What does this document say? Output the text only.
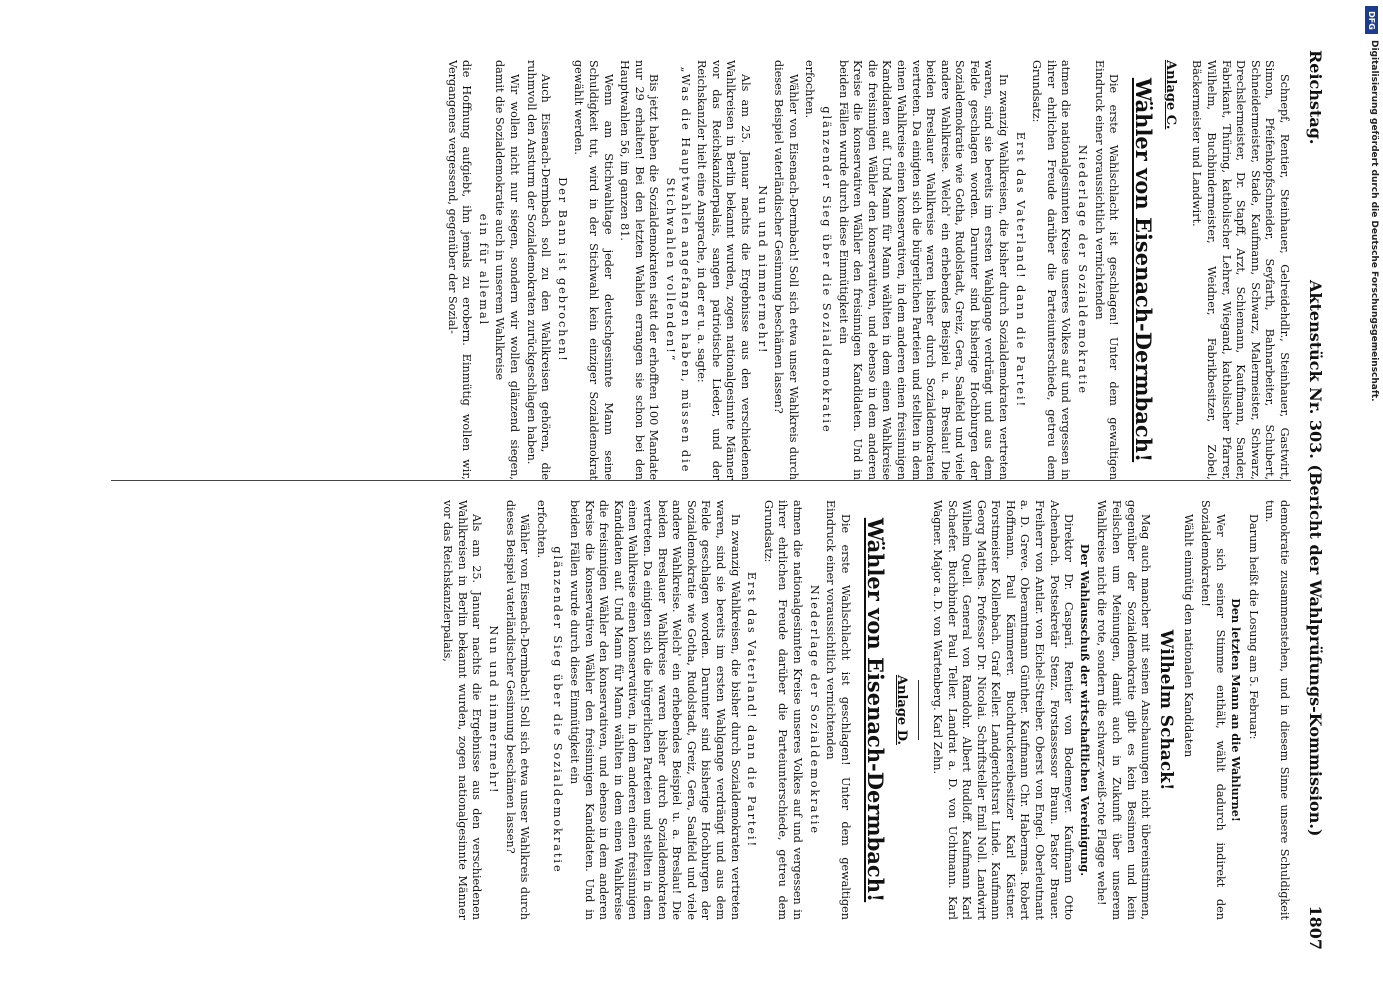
Reichstag.
Aktenstück Nr. 303. (Bericht der Wahlprüfungs-Kommission.)
1807

Schnepf, Rentier, Steinhauer, Gelreidehdlr., Steinhauer, Gastwirt, Simon, Pfeifenkopfschneider, Seyfarth, Bahnarbeiter, Schubert, Schneidermeister, Stade, Kaufmann, Schwarz, Malermeister, Schwarz, Drechslermeister, Dr. Stapff, Arzt, Schiemann, Kaufmann, Sander, Fabrikant, Thüring, katholischer Lehrer, Wiegand, katholischer Pfarrer, Wilhelm, Buchbindermeister, Weidner, Fabrikbesitzer, Zobel, Bäckermeister und Landwirt.

Anlage C.

Wähler von Eisenach-Dermbach!

Die erste Wahlschlacht ist geschlagen! Unter dem gewaltigen Eindruck einer voraussichtlich vernichtenden

Niederlage der Sozialdemokratie

atmen die nationalgesinnten Kreise unseres Volkes auf und vergessen in ihrer ehrlichen Freude darüber die Parteiunterschiede, getreu dem Grundsatz:

Erst das Vaterland! dann die Partei!

In zwanzig Wahlkreisen, die bisher durch Sozialdemokraten vertreten waren, sind sie bereits im ersten Wahlgange verdrängt und aus dem Felde geschlagen worden. Darunter sind bisherige Hochburgen der Sozialdemokratie wie Gotha, Rudolstadt, Greiz, Gera, Saalfeld und viele andere Wahlkreise. Welch' ein erhebendes Beispiel u. a. Breslau! Die beiden Breslauer Wahlkreise waren bisher durch Sozialdemokraten vertreten. Da einigten sich die bürgerlichen Parteien und stellten in dem einen Wahlkreise einen konservativen, in dem anderen einen freisinnigen Kandidaten auf. Und Mann für Mann wählten in dem einen Wahlkreise die freisinnigen Wähler den konservativen, und ebenso in dem anderen Kreise die konservativen Wähler den freisinnigen Kandidaten. Und in beiden Fällen wurde durch diese Einmütigkeit ein

glänzender Sieg über die Sozialdemokratie

erfochten.

Wähler von Eisenach-Dermbach! Soll sich etwa unser Wahlkreis durch dieses Beispiel vaterländischer Gesinnung beschämen lassen?

Nun und nimmermehr!

Als am 25. Januar nachts die Ergebnisse aus den verschiedenen Wahlkreisen in Berlin bekannt wurden, zogen nationalgesinnte Männer vor das Reichskanzlerpalais, sangen patriotische Lieder, und der Reichskanzler hielt eine Ansprache, in der er u. a. sagte:

„Was die Hauptwahlen angefangen haben, müssen die Stichwahlen vollenden!“

Bis jetzt haben die Sozialdemokraten statt der erhofften 100 Mandate nur 29 erhalten! Bei den letzten Wahlen errangen sie schon bei den Hauptwahlen 56, im ganzen 81.

Wenn am Stichwahltage jeder deutschgesinnte Mann seine Schuldigkeit tut, wird in der Stichwahl kein einziger Sozialdemokrat gewählt werden.

Der Bann ist gebrochen!

Auch Eisenach-Dermbach soll zu den Wahlkreisen gehören, die ruhmvoll den Ansturm der Sozialdemokraten zurückgeschlagen haben.

Wir wollen nicht nur siegen, sondern wir wollen glänzend siegen, damit die Sozialdemokratie auch in unserem Wahlkreise

ein für allemal

die Hoffnung aufgiebt, ihn jemals zu erobern. Einmütig wollen wir, Vergangenes vergessend, gegenüber der Sozial-

demokratie zusammenstehen, und in diesem Sinne unsere Schuldigkeit tun.

Darum heißt die Losung am 5. Februar:

Den letzten Mann an die Wahlurne!

Wer sich seiner Stimme enthält, wählt dadurch indirekt den Sozialdemokraten!

Wählt einmütig den nationalen Kandidaten

Wilhelm Schack!

Mag auch mancher mit seinen Anschauungen nicht übereinstimmen, gegenüber der Sozialdemokratie gibt es kein Besinnen und kein Feilschen um Meinungen, damit auch in Zukunft über unserem Wahlkreise nicht die rote, sondern die schwarz-weiß-rote Flagge wehe!

Der Wahlausschuß der wirtschaftlichen Vereinigung.

Direktor Dr. Caspari. Rentier von Bodemeyer. Kaufmann Otto Achenbach. Postsekretär Stenz. Forstassessor Braun. Pastor Brauer. Freiherr von Antlar. von Eichel-Streiber. Oberst von Engel. Oberleutnant a. D. Greve. Oberamtmann Günther. Kaufmann Chr. Habermas. Robert Hoffmann. Paul Kämmerer. Buchdruckereibesitzer Karl Kästner. Forstmeister Kollenbach. Graf Keller. Landgerichtsrat Linde. Kaufmann Georg Matthes. Professor Dr. Nicolai. Schriftsteller Emil Noll. Landwirt Wilhelm Quell. General von Ramdohr. Albert Rudloff. Kaufmann Karl Schaefer. Buchbinder Paul Teller. Landrat a. D. von Uchtmann. Karl Wagner. Major a. D. von Wartenberg. Karl Zehn.

Anlage D.

Wähler von Eisenach-Dermbach!

Die erste Wahlschlacht ist geschlagen! Unter dem gewaltigen Eindruck einer voraussichtlich vernichtenden

Niederlage der Sozialdemokratie

atmen die nationalgesinnten Kreise unseres Volkes auf und vergessen in ihrer ehrlichen Freude darüber die Parteiunterschiede, getreu dem Grundsatz:

Erst das Vaterland! dann die Partei!

In zwanzig Wahlkreisen, die bisher durch Sozialdemokraten vertreten waren, sind sie bereits im ersten Wahlgange verdrängt und aus dem Felde geschlagen worden. Darunter sind bisherige Hochburgen der Sozialdemokratie wie Gotha, Rudolstadt, Greiz, Gera, Saalfeld und viele andere Wahlkreise. Welch' ein erhebendes Beispiel u. a. Breslau! Die beiden Breslauer Wahlkreise waren bisher durch Sozialdemokraten vertreten. Da einigten sich die bürgerlichen Parteien und stellten in dem einen Wahlkreise einen konservativen, in dem anderen einen freisinnigen Kandidaten auf. Und Mann für Mann wählten in dem einen Wahlkreise die freisinnigen Wähler den konservativen, und ebenso in dem anderen Kreise die konservativen Wähler den freisinnigen Kandidaten. Und in beiden Fällen wurde durch diese Einmütigkeit ein

glänzender Sieg über die Sozialdemokratie

erfochten.

Wähler von Eisenach-Dermbach! Soll sich etwa unser Wahlkreis durch dieses Beispiel vaterländischer Gesinnung beschämen lassen?

Nun und nimmermehr!

Als am 25. Januar nachts die Ergebnisse aus den verschiedenen Wahlkreisen in Berlin bekannt wurden, zogen nationalgesinnte Männer vor das Reichskanzlerpalais,

DFG
Digitalisierung gefördert durch die Deutsche Forschungsgemeinschaft.
